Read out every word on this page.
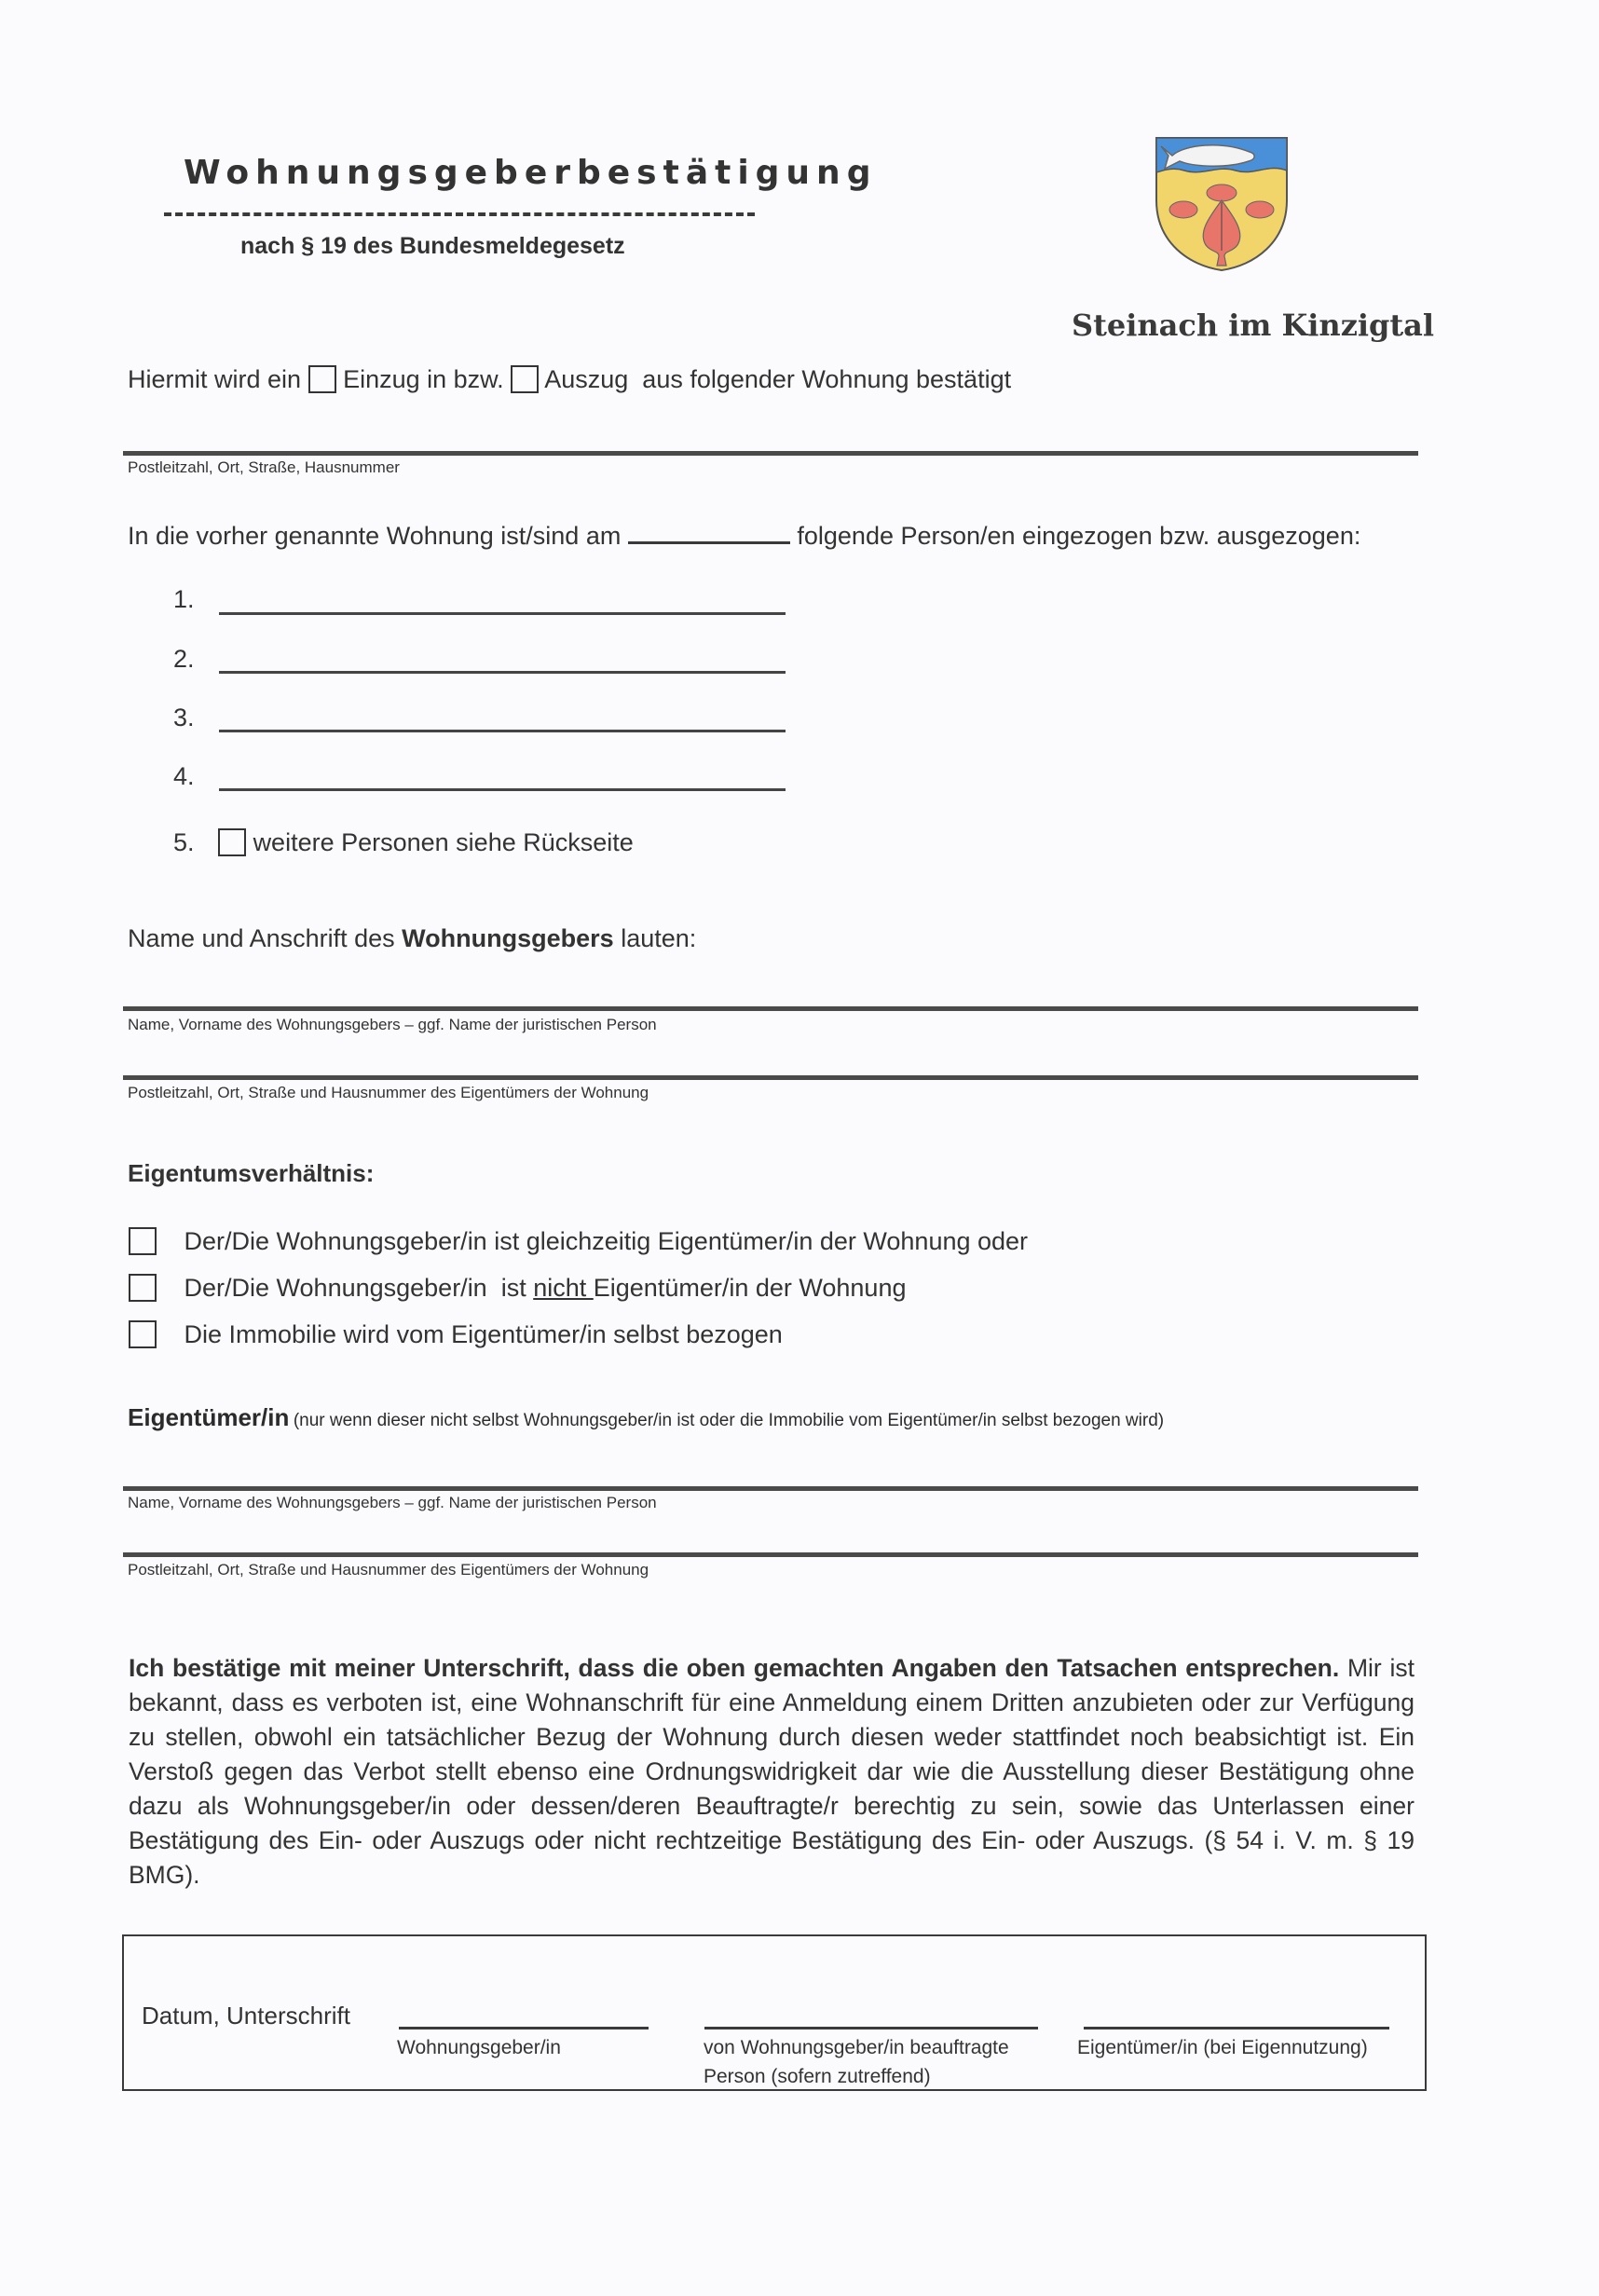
Wohnungsgeberbestätigung
nach § 19 des Bundesmeldegesetz
Steinach im Kinzigtal
Hiermit wird ein Einzug in bzw. Auszug aus folgender Wohnung bestätigt
Postleitzahl, Ort, Straße, Hausnummer
In die vorher genannte Wohnung ist/sind am	folgende Person/en eingezogen bzw. ausgezogen:
1.
2.
3.
4.
5. weitere Personen siehe Rückseite
Name und Anschrift des Wohnungsgebers lauten:
Name, Vorname des Wohnungsgebers – ggf. Name der juristischen Person
Postleitzahl, Ort, Straße und Hausnummer des Eigentümers der Wohnung
Eigentumsverhältnis:
Der/Die Wohnungsgeber/in ist gleichzeitig Eigentümer/in der Wohnung oder
Der/Die Wohnungsgeber/in  ist nicht Eigentümer/in der Wohnung
Die Immobilie wird vom Eigentümer/in selbst bezogen
Eigentümer/in (nur wenn dieser nicht selbst Wohnungsgeber/in ist oder die Immobilie vom Eigentümer/in selbst bezogen wird)
Name, Vorname des Wohnungsgebers – ggf. Name der juristischen Person
Postleitzahl, Ort, Straße und Hausnummer des Eigentümers der Wohnung
Ich bestätige mit meiner Unterschrift, dass die oben gemachten Angaben den Tatsachen entsprechen. Mir ist bekannt, dass es verboten ist, eine Wohnanschrift für eine Anmeldung einem Dritten anzubieten oder zur Verfügung zu stellen, obwohl ein tatsächlicher Bezug der Wohnung durch diesen weder stattfindet noch beabsichtigt ist. Ein Verstoß gegen das Verbot stellt ebenso eine Ordnungswidrigkeit dar wie die Ausstellung dieser Bestätigung ohne dazu als Wohnungsgeber/in oder dessen/deren Beauftragte/r berechtig zu sein, sowie das Unterlassen einer Bestätigung des Ein- oder Auszugs oder nicht rechtzeitige Bestätigung des Ein- oder Auszugs. (§ 54 i. V. m. § 19 BMG).
Datum, Unterschrift
Wohnungsgeber/in	von Wohnungsgeber/in beauftragte Person (sofern zutreffend)
Eigentümer/in (bei Eigennutzung)
